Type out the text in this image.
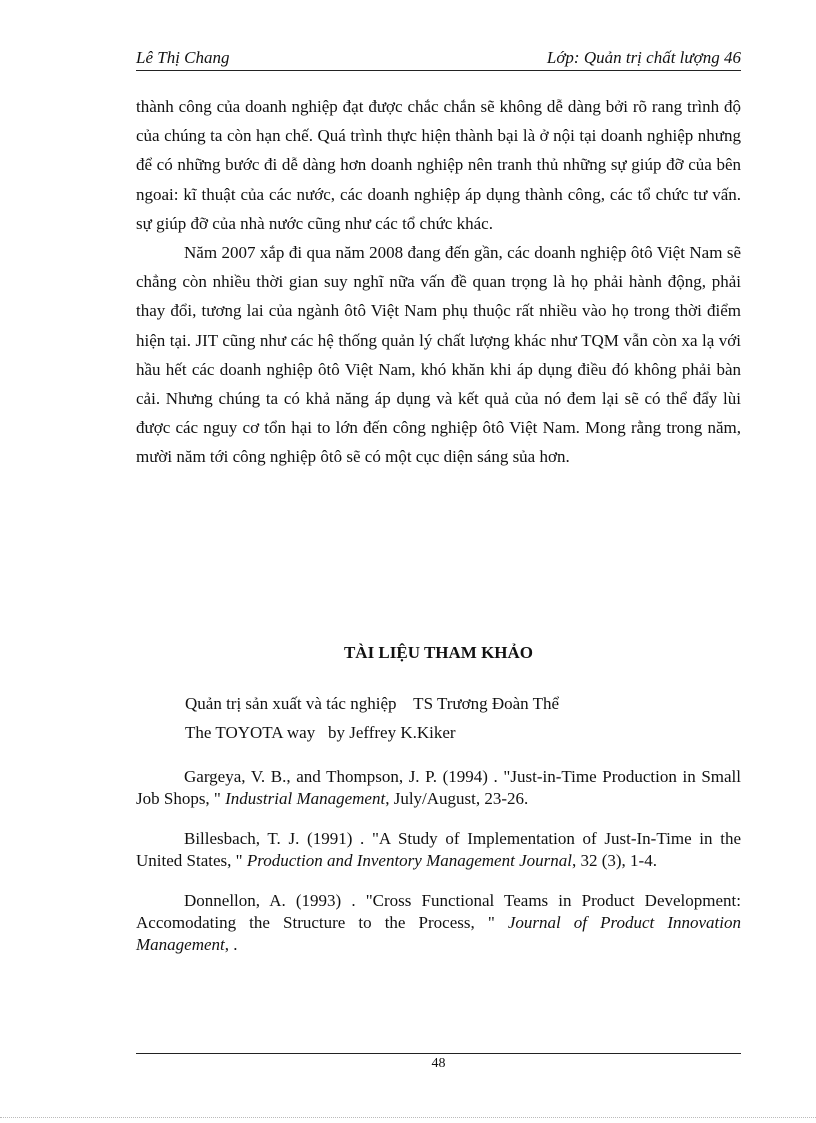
Lê Thị Chang	Lớp: Quản trị chất lượng 46

thành công của doanh nghiệp đạt được chắc chắn sẽ không dễ dàng bởi rõ rang trình độ của chúng ta còn hạn chế. Quá trình thực hiện thành bại là ở nội tại doanh nghiệp nhưng để có những bước đi dễ dàng hơn doanh nghiệp nên tranh thủ những sự giúp đỡ của bên ngoai: kĩ thuật của các nước, các doanh nghiệp áp dụng thành công, các tổ chức tư vấn. sự giúp đỡ của nhà nước cũng như các tổ chức khác.

Năm 2007 xắp đi qua năm 2008 đang đến gần, các doanh nghiệp ôtô Việt Nam sẽ chẳng còn nhiều thời gian suy nghĩ nữa vấn đề quan trọng là họ phải hành động, phải thay đổi, tương lai của ngành ôtô Việt Nam phụ thuộc rất nhiều vào họ trong thời điểm hiện tại. JIT cũng như các hệ thống quản lý chất lượng khác như TQM vẫn còn xa lạ với hầu hết các doanh nghiệp ôtô Việt Nam, khó khăn khi áp dụng điều đó không phải bàn cải. Nhưng chúng ta có khả năng áp dụng và kết quả của nó đem lại sẽ có thể đẩy lùi được các nguy cơ tổn hại to lớn đến công nghiệp ôtô Việt Nam. Mong rằng trong năm, mười năm tới công nghiệp ôtô sẽ có một cục diện sáng sủa hơn.

TÀI LIỆU THAM KHẢO
Quản trị sản xuất và tác nghiệp    TS Trương Đoàn Thể
The TOYOTA way   by Jeffrey K.Kiker

Gargeya, V. B., and Thompson, J. P. (1994) . "Just-in-Time Production in Small Job Shops, " Industrial Management, July/August, 23-26.

Billesbach, T. J. (1991) . "A Study of Implementation of Just-In-Time in the United States, " Production and Inventory Management Journal, 32 (3), 1-4.

Donnellon, A. (1993) . "Cross Functional Teams in Product Development: Accomodating the Structure to the Process, " Journal of Product Innovation Management, .

48
